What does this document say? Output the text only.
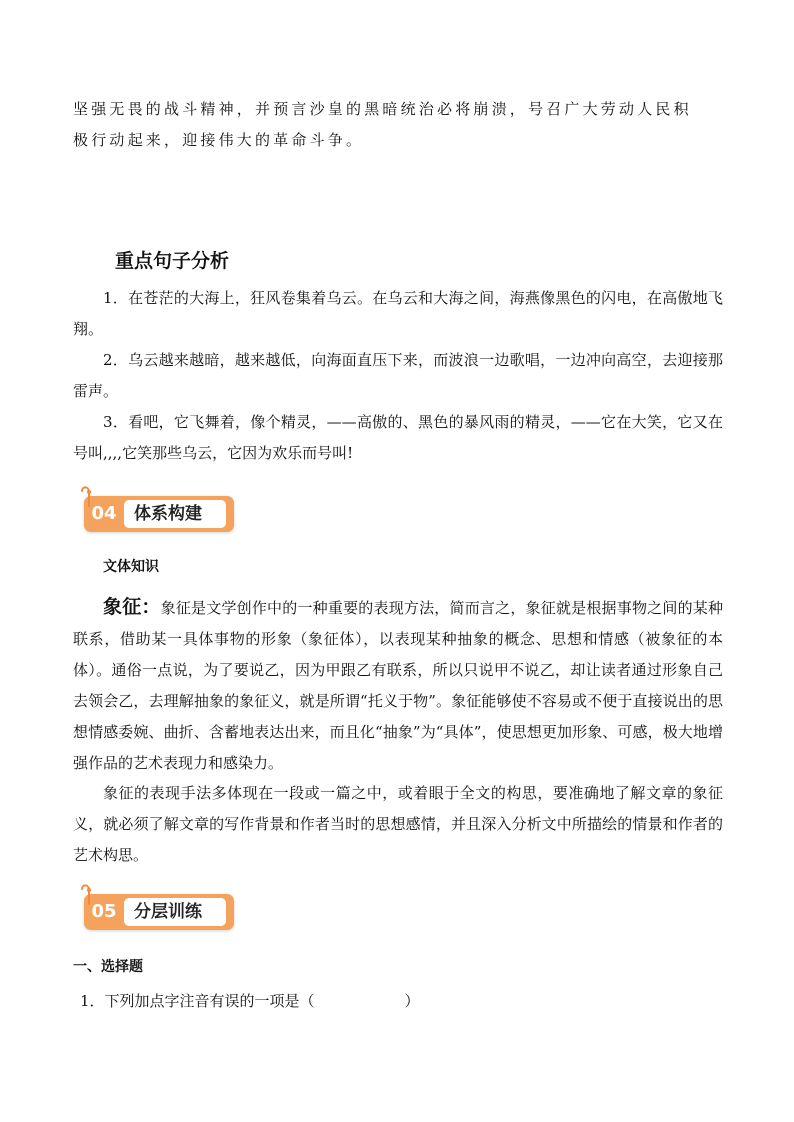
坚强无畏的战斗精神，并预言沙皇的黑暗统治必将崩溃，号召广大劳动人民积

极行动起来，迎接伟大的革命斗争。

重点句子分析

1．在苍茫的大海上，狂风卷集着乌云。在乌云和大海之间，海燕像黑色的闪电，在高傲地飞翔。

2．乌云越来越暗，越来越低，向海面直压下来，而波浪一边歌唱，一边冲向高空，去迎接那雷声。

3．看吧，它飞舞着，像个精灵，——高傲的、黑色的暴风雨的精灵，——它在大笑，它又在号叫,,,,它笑那些乌云，它因为欢乐而号叫!

04	体系构建
文体知识

象征：象征是文学创作中的一种重要的表现方法，简而言之，象征就是根据事物之间的某种联系，借助某一具体事物的形象（象征体），以表现某种抽象的概念、思想和情感（被象征的本体）。通俗一点说，为了要说乙，因为甲跟乙有联系，所以只说甲不说乙，却让读者通过形象自己去领会乙，去理解抽象的象征义，就是所谓“托义于物”。象征能够使不容易或不便于直接说出的思想情感委婉、曲折、含蓄地表达出来，而且化“抽象”为“具体”，使思想更加形象、可感，极大地增强作品的艺术表现力和感染力。

象征的表现手法多体现在一段或一篇之中，或着眼于全文的构思，要准确地了解文章的象征义，就必须了解文章的写作背景和作者当时的思想感情，并且深入分析文中所描绘的情景和作者的艺术构思。

05	分层训练
一、选择题

1．下列加点字注音有误的一项是（	）
